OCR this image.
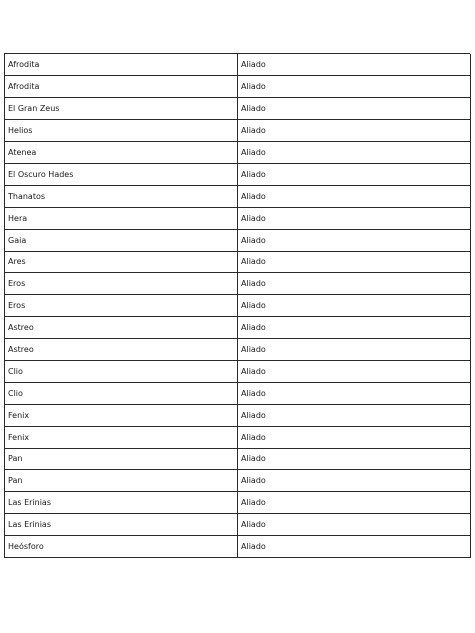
Afrodita	Aliado
Afrodita	Aliado
El Gran Zeus	Aliado
Helios	Aliado
Atenea	Aliado
El Oscuro Hades	Aliado
Thanatos	Aliado
Hera	Aliado
Gaia	Aliado
Ares	Aliado
Eros	Aliado
Eros	Aliado
Astreo	Aliado
Astreo	Aliado
Clio	Aliado
Clio	Aliado
Fenix	Aliado
Fenix	Aliado
Pan	Aliado
Pan	Aliado
Las Erinias	Aliado
Las Erinias	Aliado
Heósforo	Aliado
